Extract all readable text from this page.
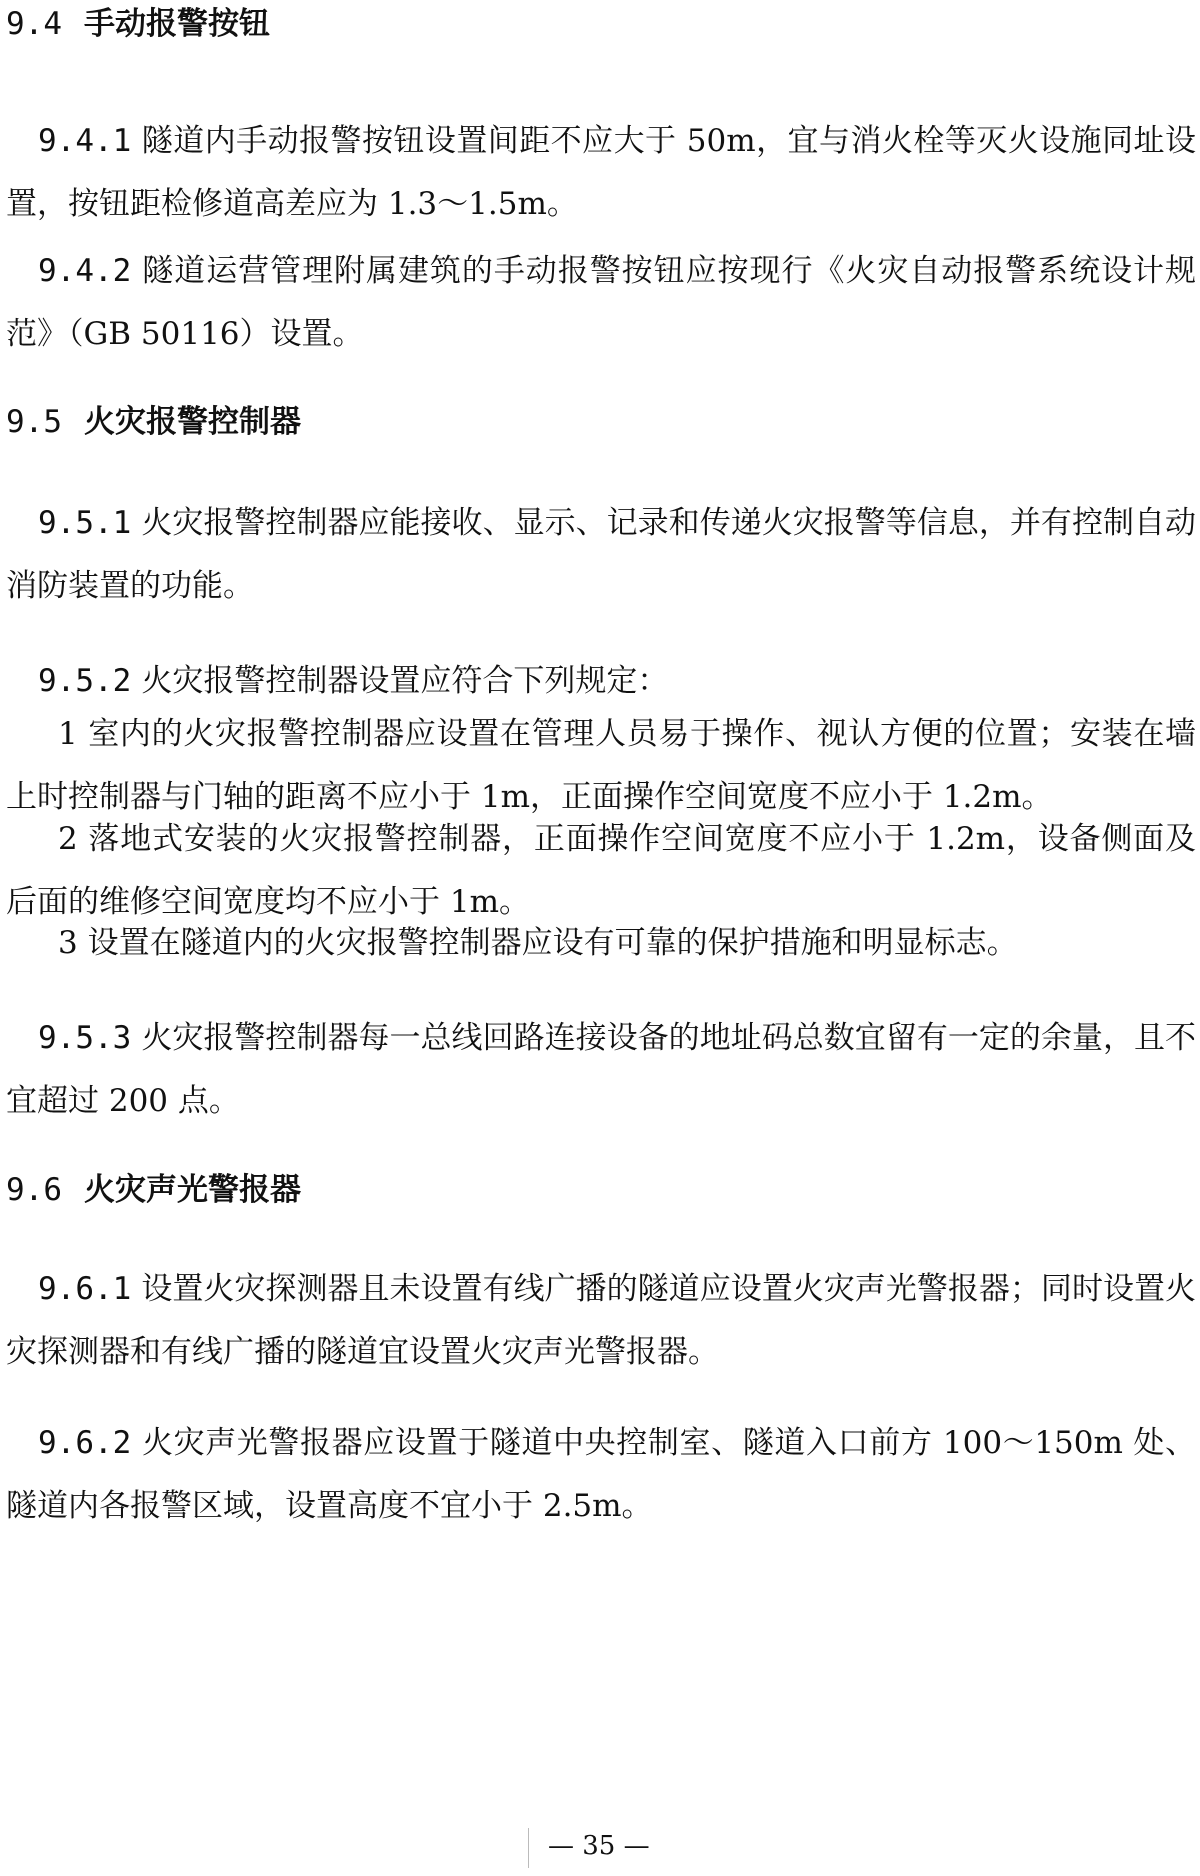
9.4 手动报警按钮

9.4.1 隧道内手动报警按钮设置间距不应大于 50m，宜与消火栓等灭火设施同址设置，按钮距检修道高差应为 1.3～1.5m。

9.4.2 隧道运营管理附属建筑的手动报警按钮应按现行《火灾自动报警系统设计规范》（GB 50116）设置。

9.5 火灾报警控制器

9.5.1 火灾报警控制器应能接收、显示、记录和传递火灾报警等信息，并有控制自动消防装置的功能。

9.5.2 火灾报警控制器设置应符合下列规定：

1 室内的火灾报警控制器应设置在管理人员易于操作、视认方便的位置；安装在墙上时控制器与门轴的距离不应小于 1m，正面操作空间宽度不应小于 1.2m。

2 落地式安装的火灾报警控制器，正面操作空间宽度不应小于 1.2m，设备侧面及后面的维修空间宽度均不应小于 1m。

3 设置在隧道内的火灾报警控制器应设有可靠的保护措施和明显标志。

9.5.3 火灾报警控制器每一总线回路连接设备的地址码总数宜留有一定的余量，且不宜超过 200 点。

9.6 火灾声光警报器

9.6.1 设置火灾探测器且未设置有线广播的隧道应设置火灾声光警报器；同时设置火灾探测器和有线广播的隧道宜设置火灾声光警报器。

9.6.2 火灾声光警报器应设置于隧道中央控制室、隧道入口前方 100～150m 处、隧道内各报警区域，设置高度不宜小于 2.5m。

— 35 —
